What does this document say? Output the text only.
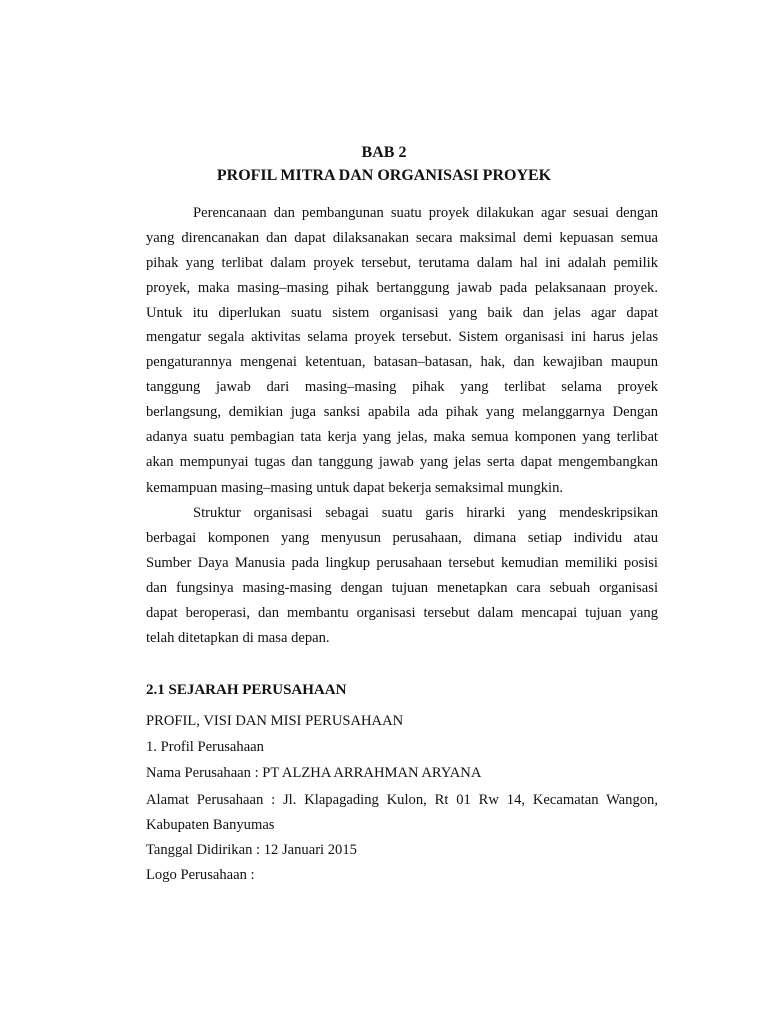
BAB 2
PROFIL MITRA DAN ORGANISASI PROYEK
Perencanaan dan pembangunan suatu proyek dilakukan agar sesuai dengan
yang direncanakan dan dapat dilaksanakan secara maksimal demi kepuasan semua
pihak yang terlibat dalam proyek tersebut, terutama dalam hal ini adalah pemilik
proyek, maka masing–masing pihak bertanggung jawab pada pelaksanaan proyek.
Untuk itu diperlukan suatu sistem organisasi yang baik dan jelas agar dapat
mengatur segala aktivitas selama proyek tersebut. Sistem organisasi ini harus jelas
pengaturannya mengenai ketentuan, batasan–batasan, hak, dan kewajiban maupun
tanggung jawab dari masing–masing pihak yang terlibat selama proyek
berlangsung, demikian juga sanksi apabila ada pihak yang melanggarnya Dengan
adanya suatu pembagian tata kerja yang jelas, maka semua komponen yang terlibat
akan mempunyai tugas dan tanggung jawab yang jelas serta dapat mengembangkan
kemampuan masing–masing untuk dapat bekerja semaksimal mungkin.
Struktur organisasi sebagai suatu garis hirarki yang mendeskripsikan
berbagai komponen yang menyusun perusahaan, dimana setiap individu atau
Sumber Daya Manusia pada lingkup perusahaan tersebut kemudian memiliki posisi
dan fungsinya masing-masing dengan tujuan menetapkan cara sebuah organisasi
dapat beroperasi, dan membantu organisasi tersebut dalam mencapai tujuan yang
telah ditetapkan di masa depan.
2.1 SEJARAH PERUSAHAAN
PROFIL, VISI DAN MISI PERUSAHAAN
1. Profil Perusahaan
Nama Perusahaan : PT ALZHA ARRAHMAN ARYANA
Alamat Perusahaan : Jl. Klapagading Kulon, Rt 01 Rw 14, Kecamatan Wangon,
Kabupaten Banyumas
Tanggal Didirikan : 12 Januari 2015
Logo Perusahaan :
